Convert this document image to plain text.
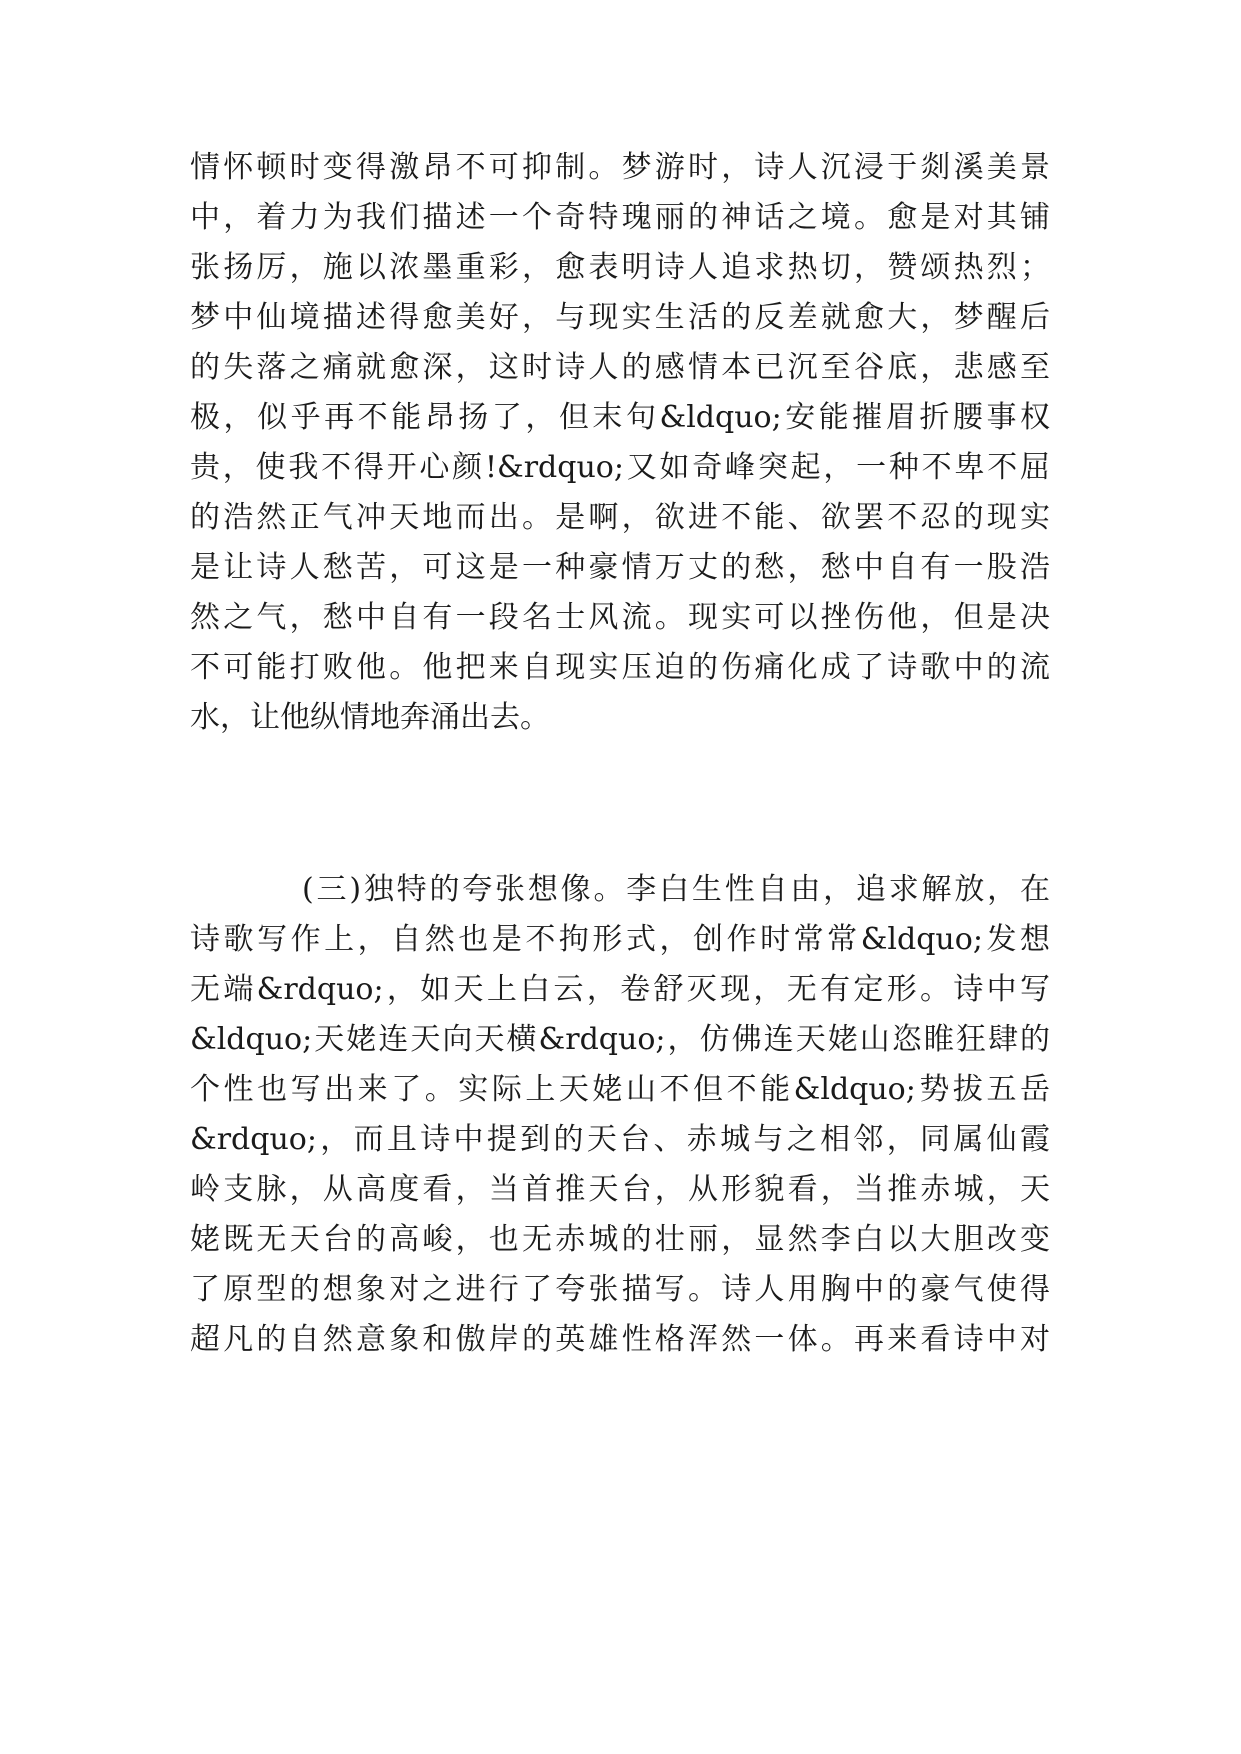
情怀顿时变得激昂不可抑制。梦游时，诗人沉浸于剡溪美景
中，着力为我们描述一个奇特瑰丽的神话之境。愈是对其铺
张扬厉，施以浓墨重彩，愈表明诗人追求热切，赞颂热烈；
梦中仙境描述得愈美好，与现实生活的反差就愈大，梦醒后
的失落之痛就愈深，这时诗人的感情本已沉至谷底，悲感至
极，似乎再不能昂扬了，但末句&ldquo;安能摧眉折腰事权
贵，使我不得开心颜!&rdquo;又如奇峰突起，一种不卑不屈
的浩然正气冲天地而出。是啊，欲进不能、欲罢不忍的现实
是让诗人愁苦，可这是一种豪情万丈的愁，愁中自有一股浩
然之气，愁中自有一段名士风流。现实可以挫伤他，但是决
不可能打败他。他把来自现实压迫的伤痛化成了诗歌中的流
水，让他纵情地奔涌出去。
(三)独特的夸张想像。李白生性自由，追求解放，在
诗歌写作上，自然也是不拘形式，创作时常常&ldquo;发想
无端&rdquo;，如天上白云，卷舒灭现，无有定形。诗中写
&ldquo;天姥连天向天横&rdquo;，仿佛连天姥山恣睢狂肆的
个性也写出来了。实际上天姥山不但不能&ldquo;势拔五岳
&rdquo;，而且诗中提到的天台、赤城与之相邻，同属仙霞
岭支脉，从高度看，当首推天台，从形貌看，当推赤城，天
姥既无天台的高峻，也无赤城的壮丽，显然李白以大胆改变
了原型的想象对之进行了夸张描写。诗人用胸中的豪气使得
超凡的自然意象和傲岸的英雄性格浑然一体。再来看诗中对
